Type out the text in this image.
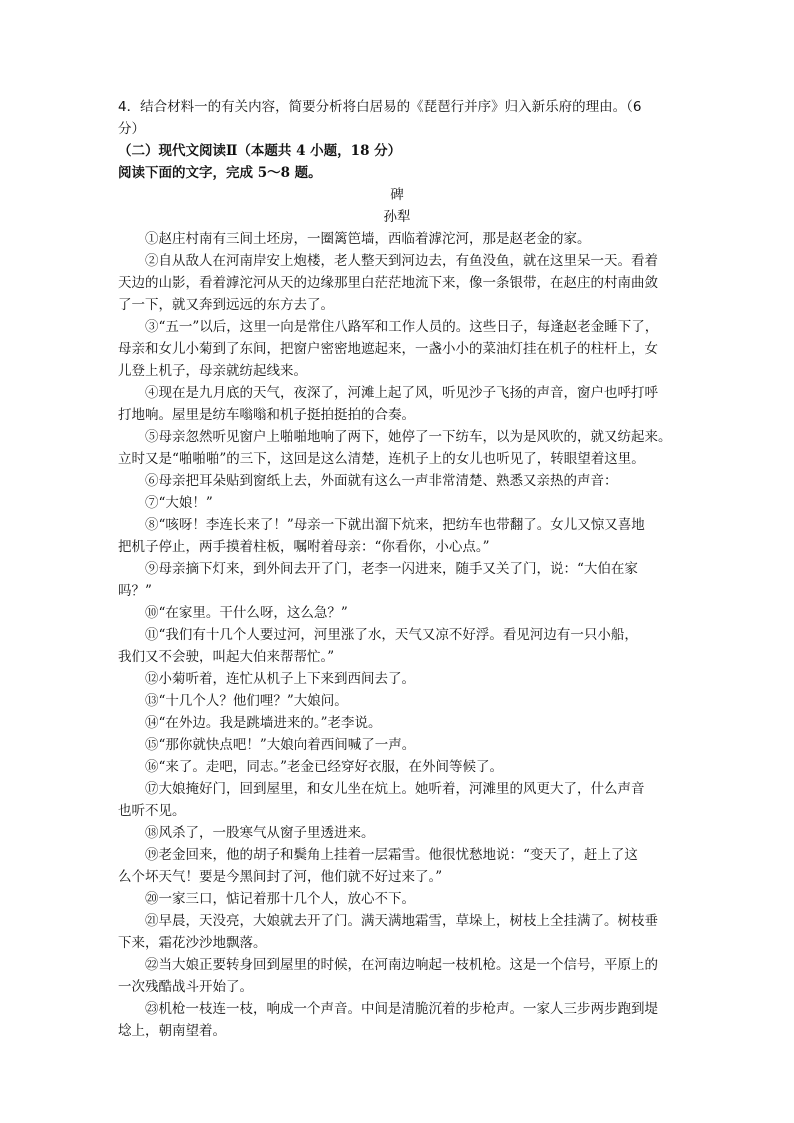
4．结合材料一的有关内容，简要分析将白居易的《琵琶行并序》归入新乐府的理由。（6
分）
（二）现代文阅读Ⅱ（本题共 4 小题，18 分）
阅读下面的文字，完成 5～8 题。
碑
孙犁
①赵庄村南有三间土坯房，一圈篱笆墙，西临着滹沱河，那是赵老金的家。
②自从敌人在河南岸安上炮楼，老人整天到河边去，有鱼没鱼，就在这里呆一天。看着
天边的山影，看着滹沱河从天的边缘那里白茫茫地流下来，像一条银带，在赵庄的村南曲敛
了一下，就又奔到远远的东方去了。
③“五一”以后，这里一向是常住八路军和工作人员的。这些日子，每逢赵老金睡下了，
母亲和女儿小菊到了东间，把窗户密密地遮起来，一盏小小的菜油灯挂在机子的柱杆上，女
儿登上机子，母亲就纺起线来。
④现在是九月底的天气，夜深了，河滩上起了风，听见沙子飞扬的声音，窗户也呼打呼
打地响。屋里是纺车嗡嗡和机子挺拍挺拍的合奏。
⑤母亲忽然听见窗户上啪啪地响了两下，她停了一下纺车，以为是风吹的，就又纺起来。
立时又是“啪啪啪”的三下，这回是这么清楚，连机子上的女儿也听见了，转眼望着这里。
⑥母亲把耳朵贴到窗纸上去，外面就有这么一声非常清楚、熟悉又亲热的声音：
⑦“大娘！”
⑧“咳呀！李连长来了！”母亲一下就出溜下炕来，把纺车也带翻了。女儿又惊又喜地
把机子停止，两手摸着柱板，嘱咐着母亲：“你看你，小心点。”
⑨母亲摘下灯来，到外间去开了门，老李一闪进来，随手又关了门，说：“大伯在家
吗？”
⑩“在家里。干什么呀，这么急？”
⑪“我们有十几个人要过河，河里涨了水，天气又凉不好浮。看见河边有一只小船，
我们又不会驶，叫起大伯来帮帮忙。”
⑫小菊听着，连忙从机子上下来到西间去了。
⑬“十几个人？他们哩？”大娘问。
⑭“在外边。我是跳墙进来的。”老李说。
⑮“那你就快点吧！”大娘向着西间喊了一声。
⑯“来了。走吧，同志。”老金已经穿好衣服，在外间等候了。
⑰大娘掩好门，回到屋里，和女儿坐在炕上。她听着，河滩里的风更大了，什么声音
也听不见。
⑱风杀了，一股寒气从窗子里透进来。
⑲老金回来，他的胡子和鬓角上挂着一层霜雪。他很忧愁地说：“变天了，赶上了这
么个坏天气！要是今黑间封了河，他们就不好过来了。”
⑳一家三口，惦记着那十几个人，放心不下。
㉑早晨，天没亮，大娘就去开了门。满天满地霜雪，草垛上，树枝上全挂满了。树枝垂
下来，霜花沙沙地飘落。
㉒当大娘正要转身回到屋里的时候，在河南边响起一枝机枪。这是一个信号，平原上的
一次残酷战斗开始了。
㉓机枪一枝连一枝，响成一个声音。中间是清脆沉着的步枪声。一家人三步两步跑到堤
埝上，朝南望着。
